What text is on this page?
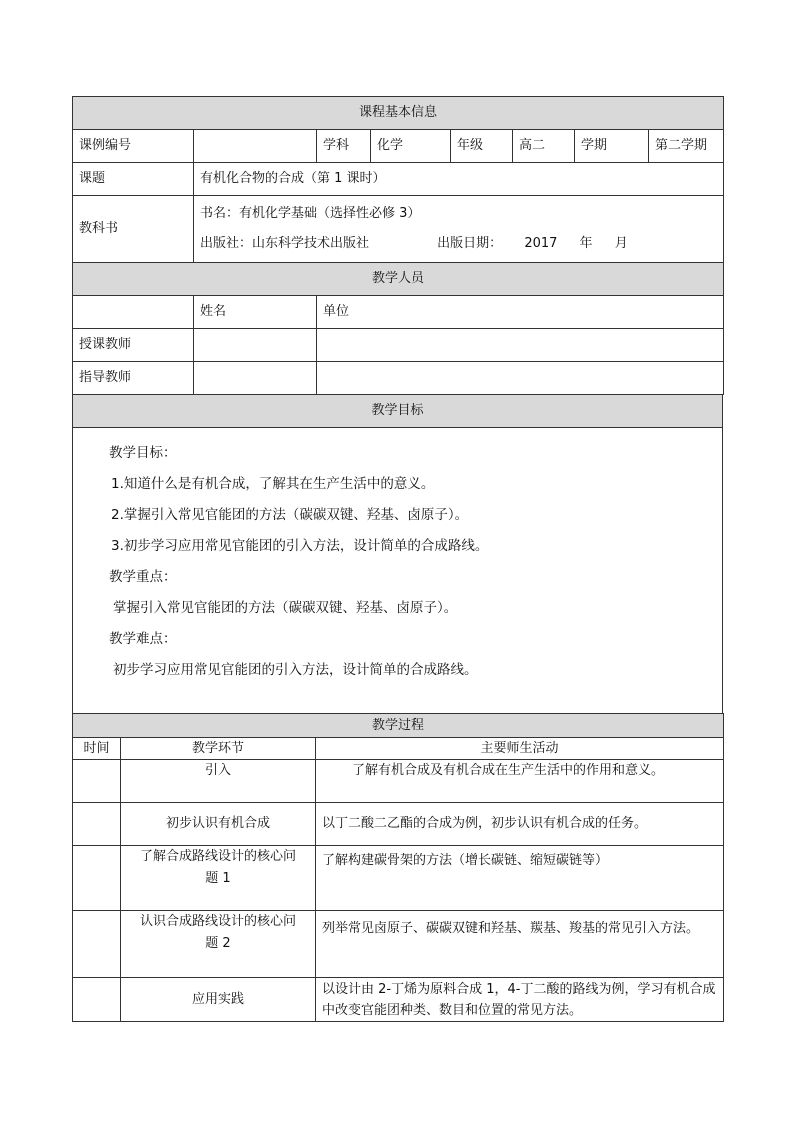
课程基本信息							
课例编号		学科	化学	年级	高二	学期	第二学期
课题	有机化合物的合成（第 1 课时）						
教科书	书名：有机化学基础（选择性必修 3）
出版社：山东科学技术出版社 出版日期： 2017 年 月						
教学人员		
	姓名	单位
授课教师		
指导教师		
教学目标

教学目标：
1.知道什么是有机合成，了解其在生产生活中的意义。
2.掌握引入常见官能团的方法（碳碳双键、羟基、卤原子）。
3.初步学习应用常见官能团的引入方法，设计简单的合成路线。
教学重点：
掌握引入常见官能团的方法（碳碳双键、羟基、卤原子）。
教学难点：
初步学习应用常见官能团的引入方法，设计简单的合成路线。
教学过程		
时间	教学环节	主要师生活动
	引入	了解有机合成及有机合成在生产生活中的作用和意义。
	初步认识有机合成	以丁二酸二乙酯的合成为例，初步认识有机合成的任务。
	了解合成路线设计的核心问题 1	了解构建碳骨架的方法（增长碳链、缩短碳链等）
	认识合成路线设计的核心问题 2	列举常见卤原子、碳碳双键和羟基、羰基、羧基的常见引入方法。
	应用实践	以设计由 2-丁烯为原料合成 1，4-丁二酸的路线为例，学习有机合成中改变官能团种类、数目和位置的常见方法。
